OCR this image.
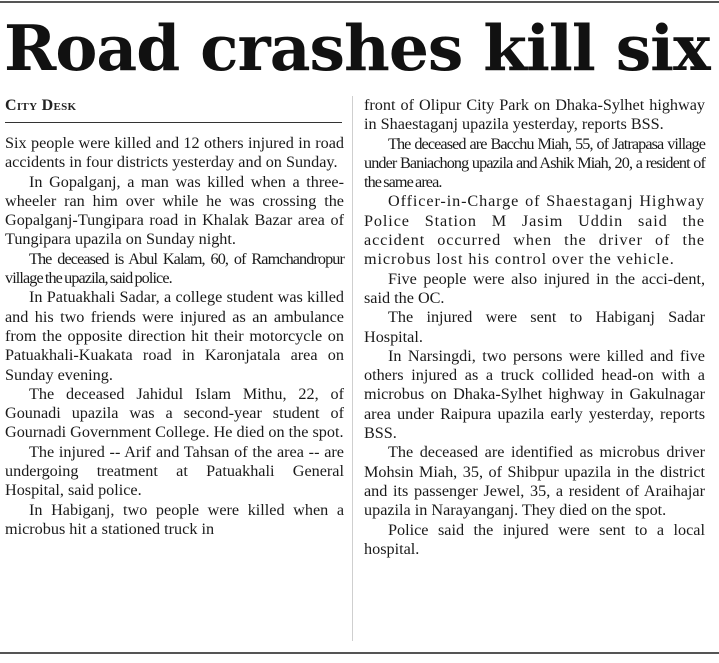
Road crashes kill six
City Desk

Six people were killed and 12 others injured in road accidents in four districts yesterday and on Sunday.

In Gopalganj, a man was killed when a three-wheeler ran him over while he was crossing the Gopalganj-Tungipara road in Khalak Bazar area of Tungipara upazila on Sunday night.

The deceased is Abul Kalam, 60, of Ramchandropur village the upazila, said police.

In Patuakhali Sadar, a college student was killed and his two friends were injured as an ambulance from the opposite direction hit their motorcycle on Patuakhali-Kuakata road in Karonjatala area on Sunday evening.

The deceased Jahidul Islam Mithu, 22, of Gounadi upazila was a second-year student of Gournadi Government College. He died on the spot.

The injured -- Arif and Tahsan of the area -- are undergoing treatment at Patuakhali General Hospital, said police.

In Habiganj, two people were killed when a microbus hit a stationed truck in

front of Olipur City Park on Dhaka-Sylhet highway in Shaestaganj upazila yesterday, reports BSS.

The deceased are Bacchu Miah, 55, of Jatrapasa village under Baniachong upazila and Ashik Miah, 20, a resident of the same area.

Officer-in-Charge of Shaestaganj Highway Police Station M Jasim Uddin said the accident occurred when the driver of the microbus lost his control over the vehicle.

Five people were also injured in the acci-dent, said the OC.

The injured were sent to Habiganj Sadar Hospital.

In Narsingdi, two persons were killed and five others injured as a truck collided head-on with a microbus on Dhaka-Sylhet highway in Gakulnagar area under Raipura upazila early yesterday, reports BSS.

The deceased are identified as microbus driver Mohsin Miah, 35, of Shibpur upazila in the district and its passenger Jewel, 35, a resident of Araihajar upazila in Narayanganj. They died on the spot.

Police said the injured were sent to a local hospital.
